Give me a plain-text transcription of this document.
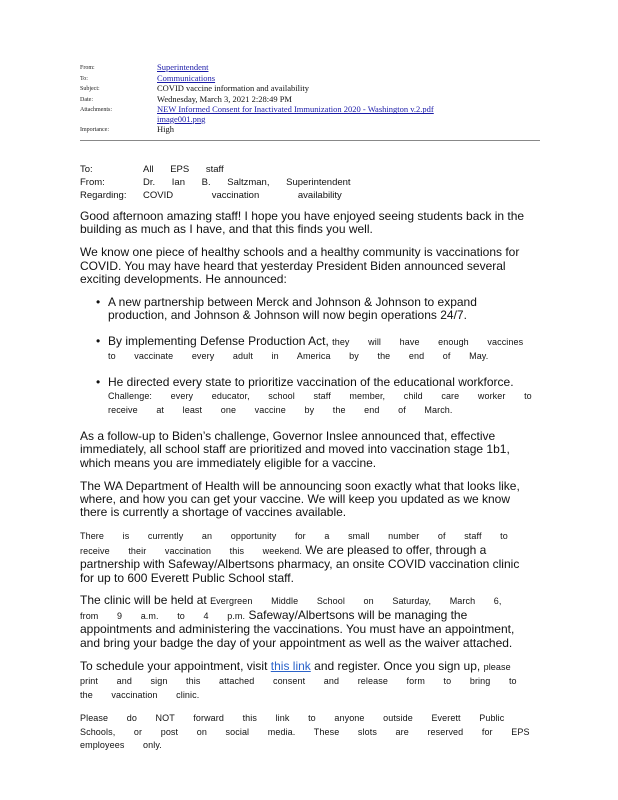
From:	Superintendent
To:	Communications
Subject:	COVID vaccine information and availability
Date:	Wednesday, March 3, 2021 2:28:49 PM
Attachments:	NEW Informed Consent for Inactivated Immunization 2020 - Washington v.2.pdf
image001.png
Importance:	High
To:	All EPS staff
From:	Dr. Ian B. Saltzman, Superintendent
Regarding:	COVID vaccination availability

Good afternoon amazing staff! I hope you have enjoyed seeing students back in the building as much as I have, and that this finds you well.

We know one piece of healthy schools and a healthy community is vaccinations for COVID. You may have heard that yesterday President Biden announced several exciting developments. He announced:

• A new partnership between Merck and Johnson & Johnson to expand production, and Johnson & Johnson will now begin operations 24/7.
• By implementing Defense Production Act, they will have enough vaccines to vaccinate every adult in America by the end of May.
• He directed every state to prioritize vaccination of the educational workforce.
Challenge: every educator, school staff member, child care worker to receive at least one vaccine by the end of March.

As a follow-up to Biden’s challenge, Governor Inslee announced that, effective immediately, all school staff are prioritized and moved into vaccination stage 1b1, which means you are immediately eligible for a vaccine.

The WA Department of Health will be announcing soon exactly what that looks like, where, and how you can get your vaccine. We will keep you updated as we know there is currently a shortage of vaccines available.

There is currently an opportunity for a small number of staff to receive their vaccination this weekend. We are pleased to offer, through a partnership with Safeway/Albertsons pharmacy, an onsite COVID vaccination clinic for up to 600 Everett Public School staff.

The clinic will be held at Evergreen Middle School on Saturday, March 6, from 9 a.m. to 4 p.m. Safeway/Albertsons will be managing the appointments and administering the vaccinations. You must have an appointment, and bring your badge the day of your appointment as well as the waiver attached.

To schedule your appointment, visit this link and register. Once you sign up, please print and sign this attached consent and release form to bring to the vaccination clinic.

Please do NOT forward this link to anyone outside Everett Public Schools, or post on social media. These slots are reserved for EPS employees only.
